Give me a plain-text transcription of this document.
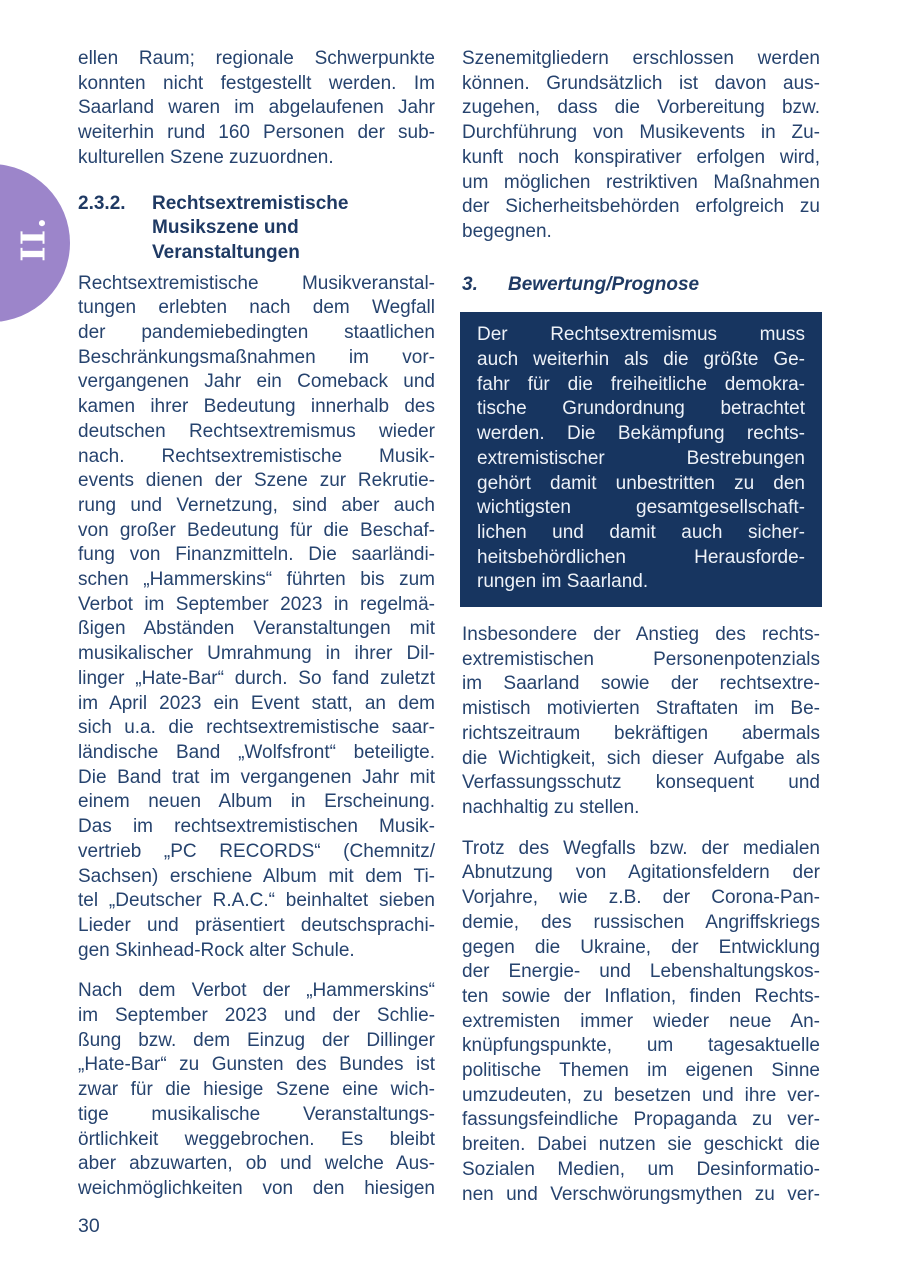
II.
ellen Raum; regionale Schwerpunkte
konnten nicht festgestellt werden. Im
Saarland waren im abgelaufenen Jahr
weiterhin rund 160 Personen der sub-
kulturellen Szene zuzuordnen.
2.3.2.	Rechtsextremistische
Musikszene und
Veranstaltungen
Rechtsextremistische Musikveranstal-
tungen erlebten nach dem Wegfall
der pandemiebedingten staatlichen
Beschränkungsmaßnahmen im vor-
vergangenen Jahr ein Comeback und
kamen ihrer Bedeutung innerhalb des
deutschen Rechtsextremismus wieder
nach. Rechtsextremistische Musik-
events dienen der Szene zur Rekrutie-
rung und Vernetzung, sind aber auch
von großer Bedeutung für die Beschaf-
fung von Finanzmitteln. Die saarländi-
schen „Hammerskins“ führten bis zum
Verbot im September 2023 in regelmä-
ßigen Abständen Veranstaltungen mit
musikalischer Umrahmung in ihrer Dil-
linger „Hate-Bar“ durch. So fand zuletzt
im April 2023 ein Event statt, an dem
sich u.a. die rechtsextremistische saar-
ländische Band „Wolfsfront“ beteiligte.
Die Band trat im vergangenen Jahr mit
einem neuen Album in Erscheinung.
Das im rechtsextremistischen Musik-
vertrieb „PC RECORDS“ (Chemnitz/
Sachsen) erschiene Album mit dem Ti-
tel „Deutscher R.A.C.“ beinhaltet sieben
Lieder und präsentiert deutschsprachi-
gen Skinhead-Rock alter Schule.
Nach dem Verbot der „Hammerskins“
im September 2023 und der Schlie-
ßung bzw. dem Einzug der Dillinger
„Hate-Bar“ zu Gunsten des Bundes ist
zwar für die hiesige Szene eine wich-
tige musikalische Veranstaltungs-
örtlichkeit weggebrochen. Es bleibt
aber abzuwarten, ob und welche Aus-
weichmöglichkeiten von den hiesigen
Szenemitgliedern erschlossen werden
können. Grundsätzlich ist davon aus-
zugehen, dass die Vorbereitung bzw.
Durchführung von Musikevents in Zu-
kunft noch konspirativer erfolgen wird,
um möglichen restriktiven Maßnahmen
der Sicherheitsbehörden erfolgreich zu
begegnen.
3.	Bewertung/Prognose
Der Rechtsextremismus muss
auch weiterhin als die größte Ge-
fahr für die freiheitliche demokra-
tische Grundordnung betrachtet
werden. Die Bekämpfung rechts-
extremistischer Bestrebungen
gehört damit unbestritten zu den
wichtigsten gesamtgesellschaft-
lichen und damit auch sicher-
heitsbehördlichen Herausforde-
rungen im Saarland.
Insbesondere der Anstieg des rechts-
extremistischen Personenpotenzials
im Saarland sowie der rechtsextre-
mistisch motivierten Straftaten im Be-
richtszeitraum bekräftigen abermals
die Wichtigkeit, sich dieser Aufgabe als
Verfassungsschutz konsequent und
nachhaltig zu stellen.
Trotz des Wegfalls bzw. der medialen
Abnutzung von Agitationsfeldern der
Vorjahre, wie z.B. der Corona-Pan-
demie, des russischen Angriffskriegs
gegen die Ukraine, der Entwicklung
der Energie- und Lebenshaltungskos-
ten sowie der Inflation, finden Rechts-
extremisten immer wieder neue An-
knüpfungspunkte, um tagesaktuelle
politische Themen im eigenen Sinne
umzudeuten, zu besetzen und ihre ver-
fassungsfeindliche Propaganda zu ver-
breiten. Dabei nutzen sie geschickt die
Sozialen Medien, um Desinformatio-
nen und Verschwörungsmythen zu ver-
30
